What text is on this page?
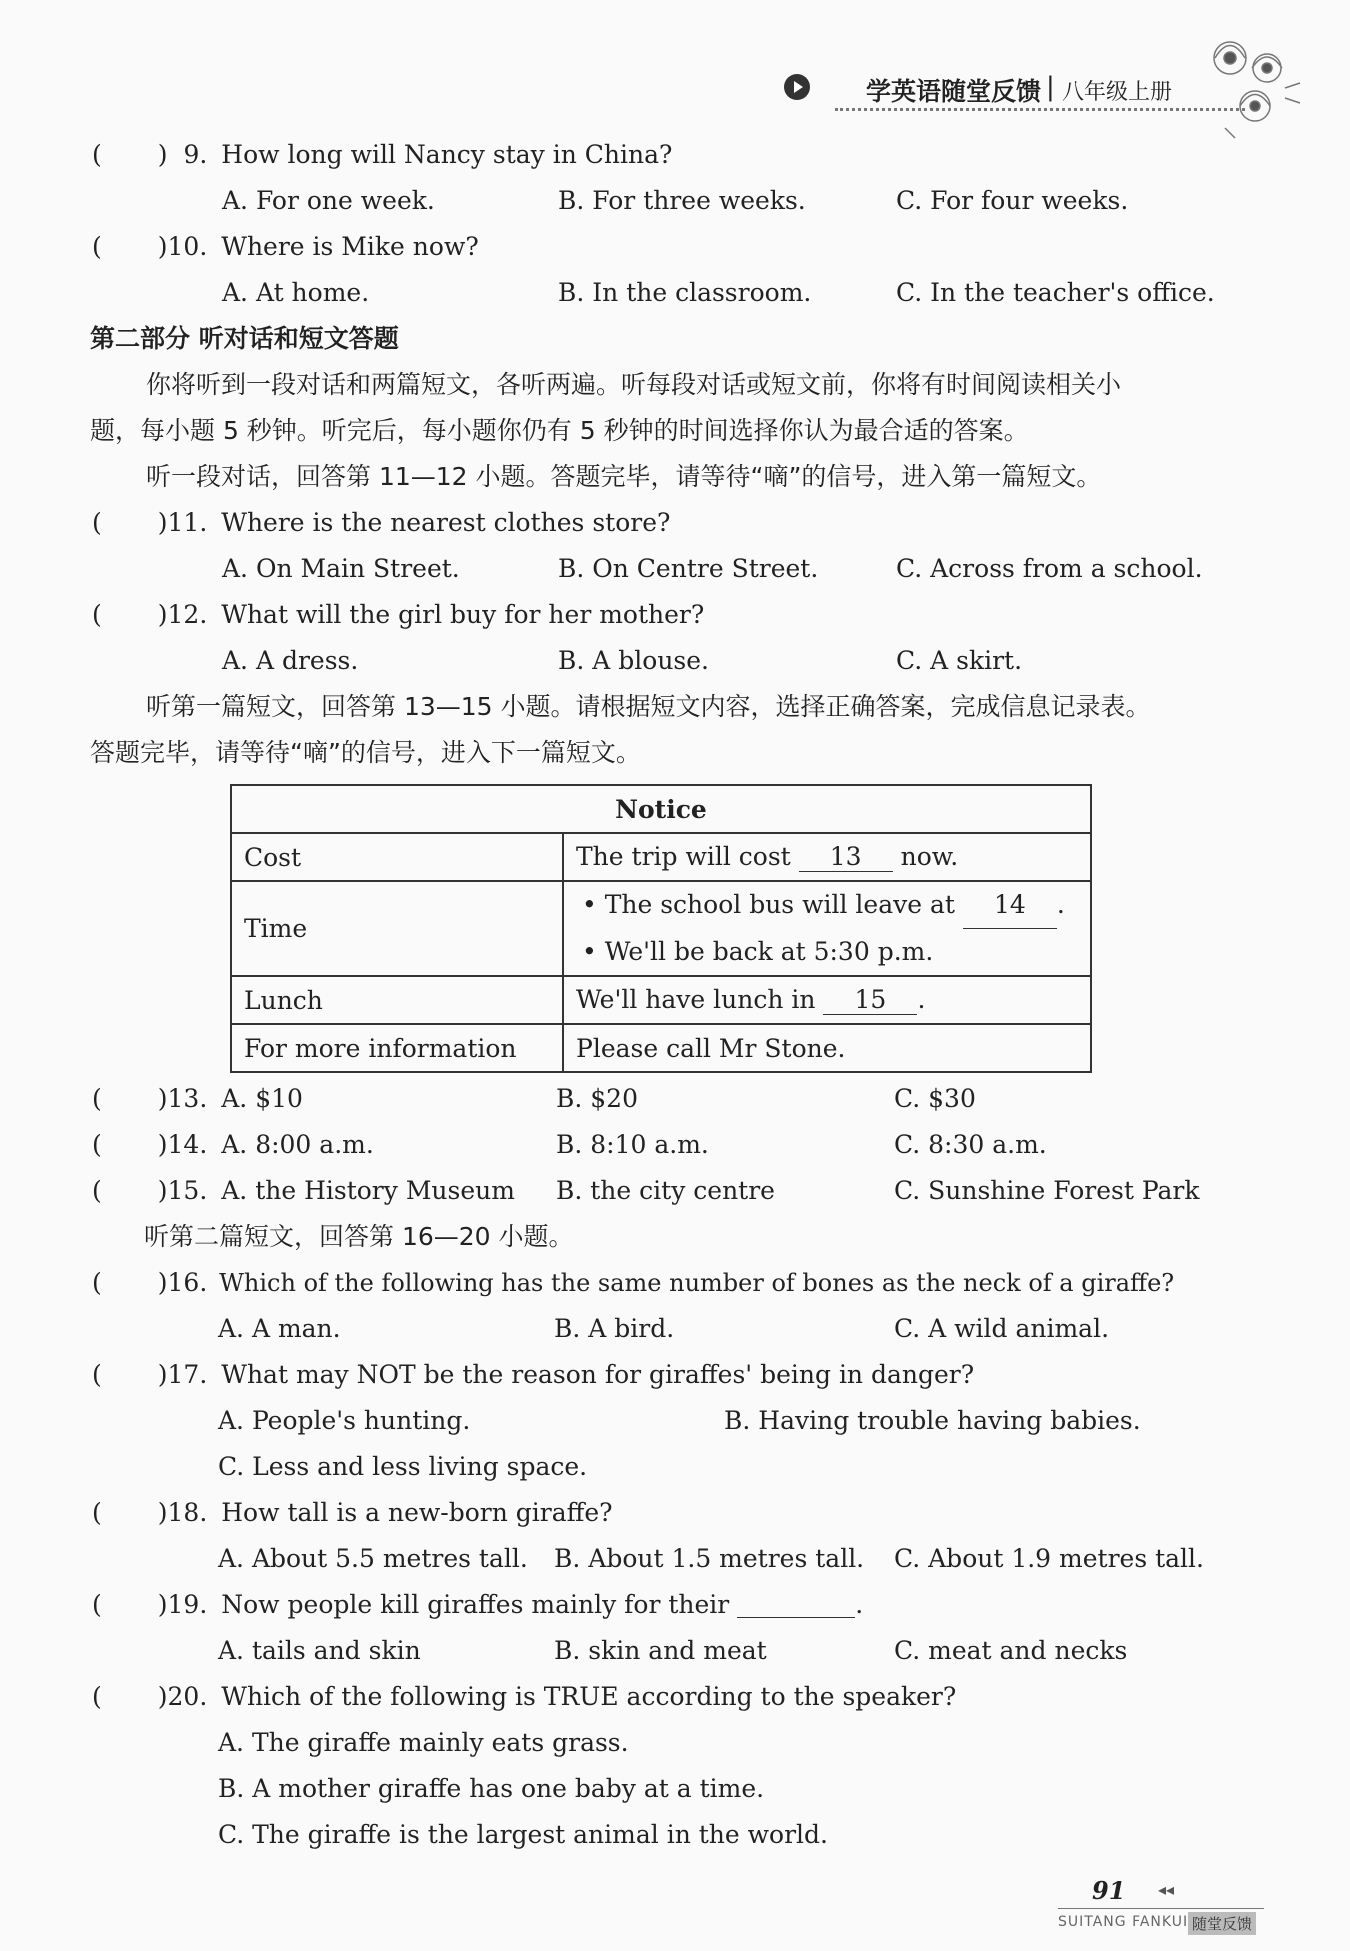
学英语随堂反馈 | 八年级上册
( ) 9. How long will Nancy stay in China?
A. For one week.	B. For three weeks.	C. For four weeks.
( )10. Where is Mike now?
A. At home.	B. In the classroom.	C. In the teacher's office.
第二部分 听对话和短文答题
你将听到一段对话和两篇短文，各听两遍。听每段对话或短文前，你将有时间阅读相关小
题，每小题 5 秒钟。听完后，每小题你仍有 5 秒钟的时间选择你认为最合适的答案。
听一段对话，回答第 11—12 小题。答题完毕，请等待“嘀”的信号，进入第一篇短文。
( )11. Where is the nearest clothes store?
A. On Main Street.	B. On Centre Street.	C. Across from a school.
( )12. What will the girl buy for her mother?
A. A dress.	B. A blouse.	C. A skirt.
听第一篇短文，回答第 13—15 小题。请根据短文内容，选择正确答案，完成信息记录表。
答题完毕，请等待“嘀”的信号，进入下一篇短文。
Notice	
Cost	The trip will cost 13 now.
Time	• The school bus will leave at 14 .
• We'll be back at 5:30 p.m.

Lunch	We'll have lunch in 15 .
For more information	Please call Mr Stone.
( )13. A. $10	B. $20	C. $30
( )14. A. 8:00 a.m.	B. 8:10 a.m.	C. 8:30 a.m.
( )15. A. the History Museum B. the city centre	C. Sunshine Forest Park
听第二篇短文，回答第 16—20 小题。
( )16. Which of the following has the same number of bones as the neck of a giraffe?
A. A man.	B. A bird.	C. A wild animal.
( )17. What may NOT be the reason for giraffes' being in danger?
A. People's hunting.	B. Having trouble having babies.
C. Less and less living space.
( )18. How tall is a new-born giraffe?
A. About 5.5 metres tall. B. About 1.5 metres tall. C. About 1.9 metres tall.
( )19. Now people kill giraffes mainly for their	.
A. tails and skin	B. skin and meat	C. meat and necks
( )20. Which of the following is TRUE according to the speaker?
A. The giraffe mainly eats grass.
B. A mother giraffe has one baby at a time.
C. The giraffe is the largest animal in the world.
91 ◂◂
SUITANG FANKUI 随堂反馈
